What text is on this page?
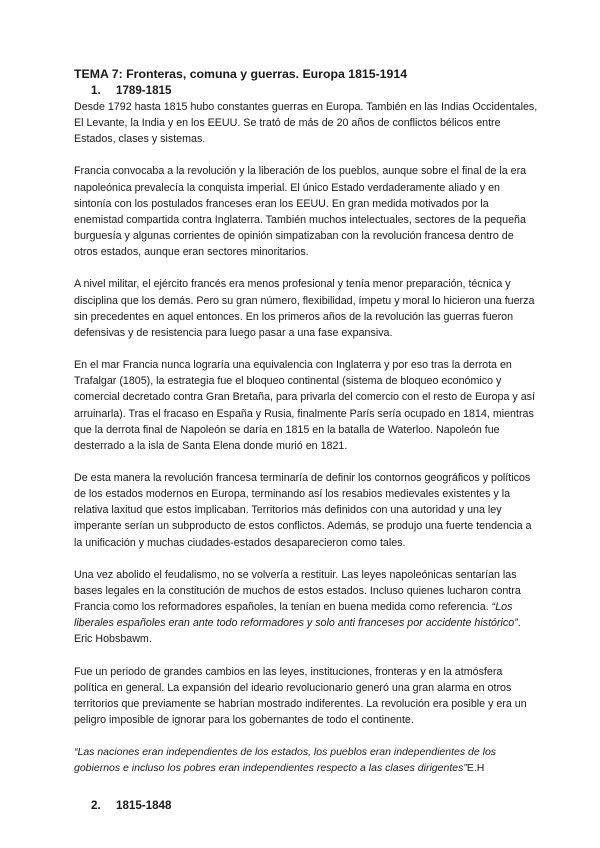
TEMA 7: Fronteras, comuna y guerras. Europa 1815-1914
1. 1789-1815

Desde 1792 hasta 1815 hubo constantes guerras en Europa. También en las Indias Occidentales, El Levante, la India y en los EEUU. Se trató de más de 20 años de conflictos bélicos entre Estados, clases y sistemas.

Francia convocaba a la revolución y la liberación de los pueblos, aunque sobre el final de la era napoleónica prevalecía la conquista imperial. El único Estado verdaderamente aliado y en sintonía con los postulados franceses eran los EEUU. En gran medida motivados por la enemistad compartida contra Inglaterra. También muchos intelectuales, sectores de la pequeña burguesía y algunas corrientes de opinión simpatizaban con la revolución francesa dentro de otros estados, aunque eran sectores minoritarios.

A nivel militar, el ejército francés era menos profesional y tenía menor preparación, técnica y disciplina que los demás. Pero su gran número, flexibilidad, ímpetu y moral lo hicieron una fuerza sin precedentes en aquel entonces. En los primeros años de la revolución las guerras fueron defensivas y de resistencia para luego pasar a una fase expansiva.

En el mar Francia nunca lograría una equivalencia con Inglaterra y por eso tras la derrota en Trafalgar (1805), la estrategia fue el bloqueo continental (sistema de bloqueo económico y comercial decretado contra Gran Bretaña, para privarla del comercio con el resto de Europa y así arruinarla). Tras el fracaso en España y Rusia, finalmente París sería ocupado en 1814, mientras que la derrota final de Napoleón se daría en 1815 en la batalla de Waterloo. Napoleón fue desterrado a la isla de Santa Elena donde murió en 1821.

De esta manera la revolución francesa terminaría de definir los contornos geográficos y políticos de los estados modernos en Europa, terminando así los resabios medievales existentes y la relativa laxitud que estos implicaban. Territorios más definidos con una autoridad y una ley imperante serían un subproducto de estos conflictos. Además, se produjo una fuerte tendencia a la unificación y muchas ciudades-estados desaparecieron como tales.

Una vez abolido el feudalismo, no se volvería a restituir. Las leyes napoleónicas sentarían las bases legales en la constitución de muchos de estos estados. Incluso quienes lucharon contra Francia como los reformadores españoles, la tenían en buena medida como referencia. “Los liberales españoles eran ante todo reformadores y solo anti franceses por accidente histórico”. Eric Hobsbawm.

Fue un periodo de grandes cambios en las leyes, instituciones, fronteras y en la atmósfera política en general. La expansión del ideario revolucionario generó una gran alarma en otros territorios que previamente se habrían mostrado indiferentes. La revolución era posible y era un peligro imposible de ignorar para los gobernantes de todo el continente.

“Las naciones eran independientes de los estados, los pueblos eran independientes de los gobiernos e incluso los pobres eran independientes respecto a las clases dirigentes”E.H

2. 1815-1848
